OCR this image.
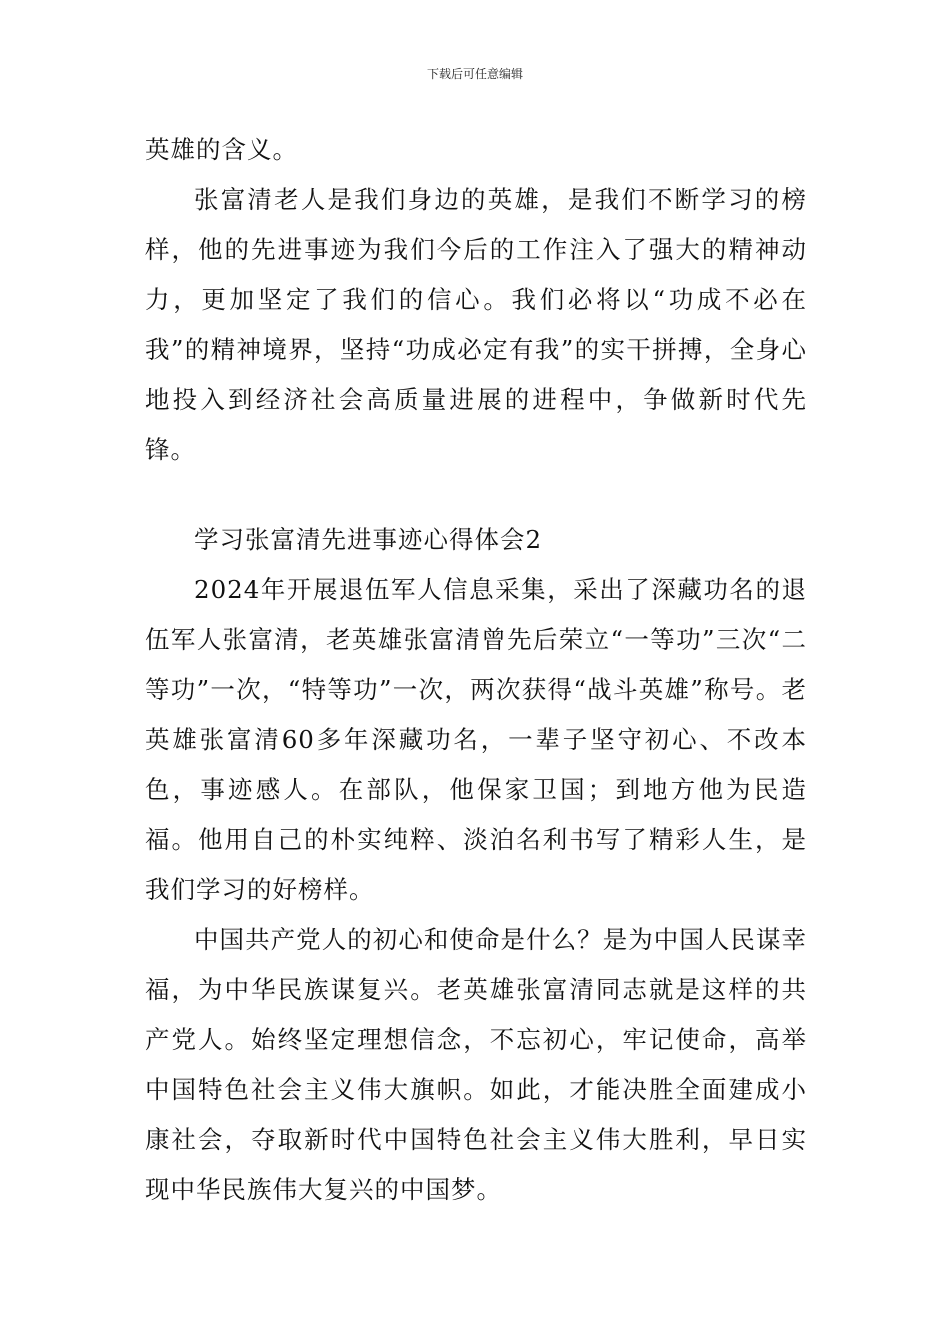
下载后可任意编辑

英雄的含义。

张富清老人是我们身边的英雄，是我们不断学习的榜样，他的先进事迹为我们今后的工作注入了强大的精神动力，更加坚定了我们的信心。我们必将以“功成不必在我”的精神境界，坚持“功成必定有我”的实干拼搏，全身心地投入到经济社会高质量进展的进程中，争做新时代先锋。

学习张富清先进事迹心得体会2

2024年开展退伍军人信息采集，采出了深藏功名的退伍军人张富清，老英雄张富清曾先后荣立“一等功”三次“二等功”一次，“特等功”一次，两次获得“战斗英雄”称号。老英雄张富清60多年深藏功名，一辈子坚守初心、不改本色，事迹感人。在部队，他保家卫国；到地方他为民造福。他用自己的朴实纯粹、淡泊名利书写了精彩人生，是我们学习的好榜样。

中国共产党人的初心和使命是什么？是为中国人民谋幸福，为中华民族谋复兴。老英雄张富清同志就是这样的共产党人。始终坚定理想信念，不忘初心，牢记使命，高举中国特色社会主义伟大旗帜。如此，才能决胜全面建成小康社会，夺取新时代中国特色社会主义伟大胜利，早日实现中华民族伟大复兴的中国梦。
